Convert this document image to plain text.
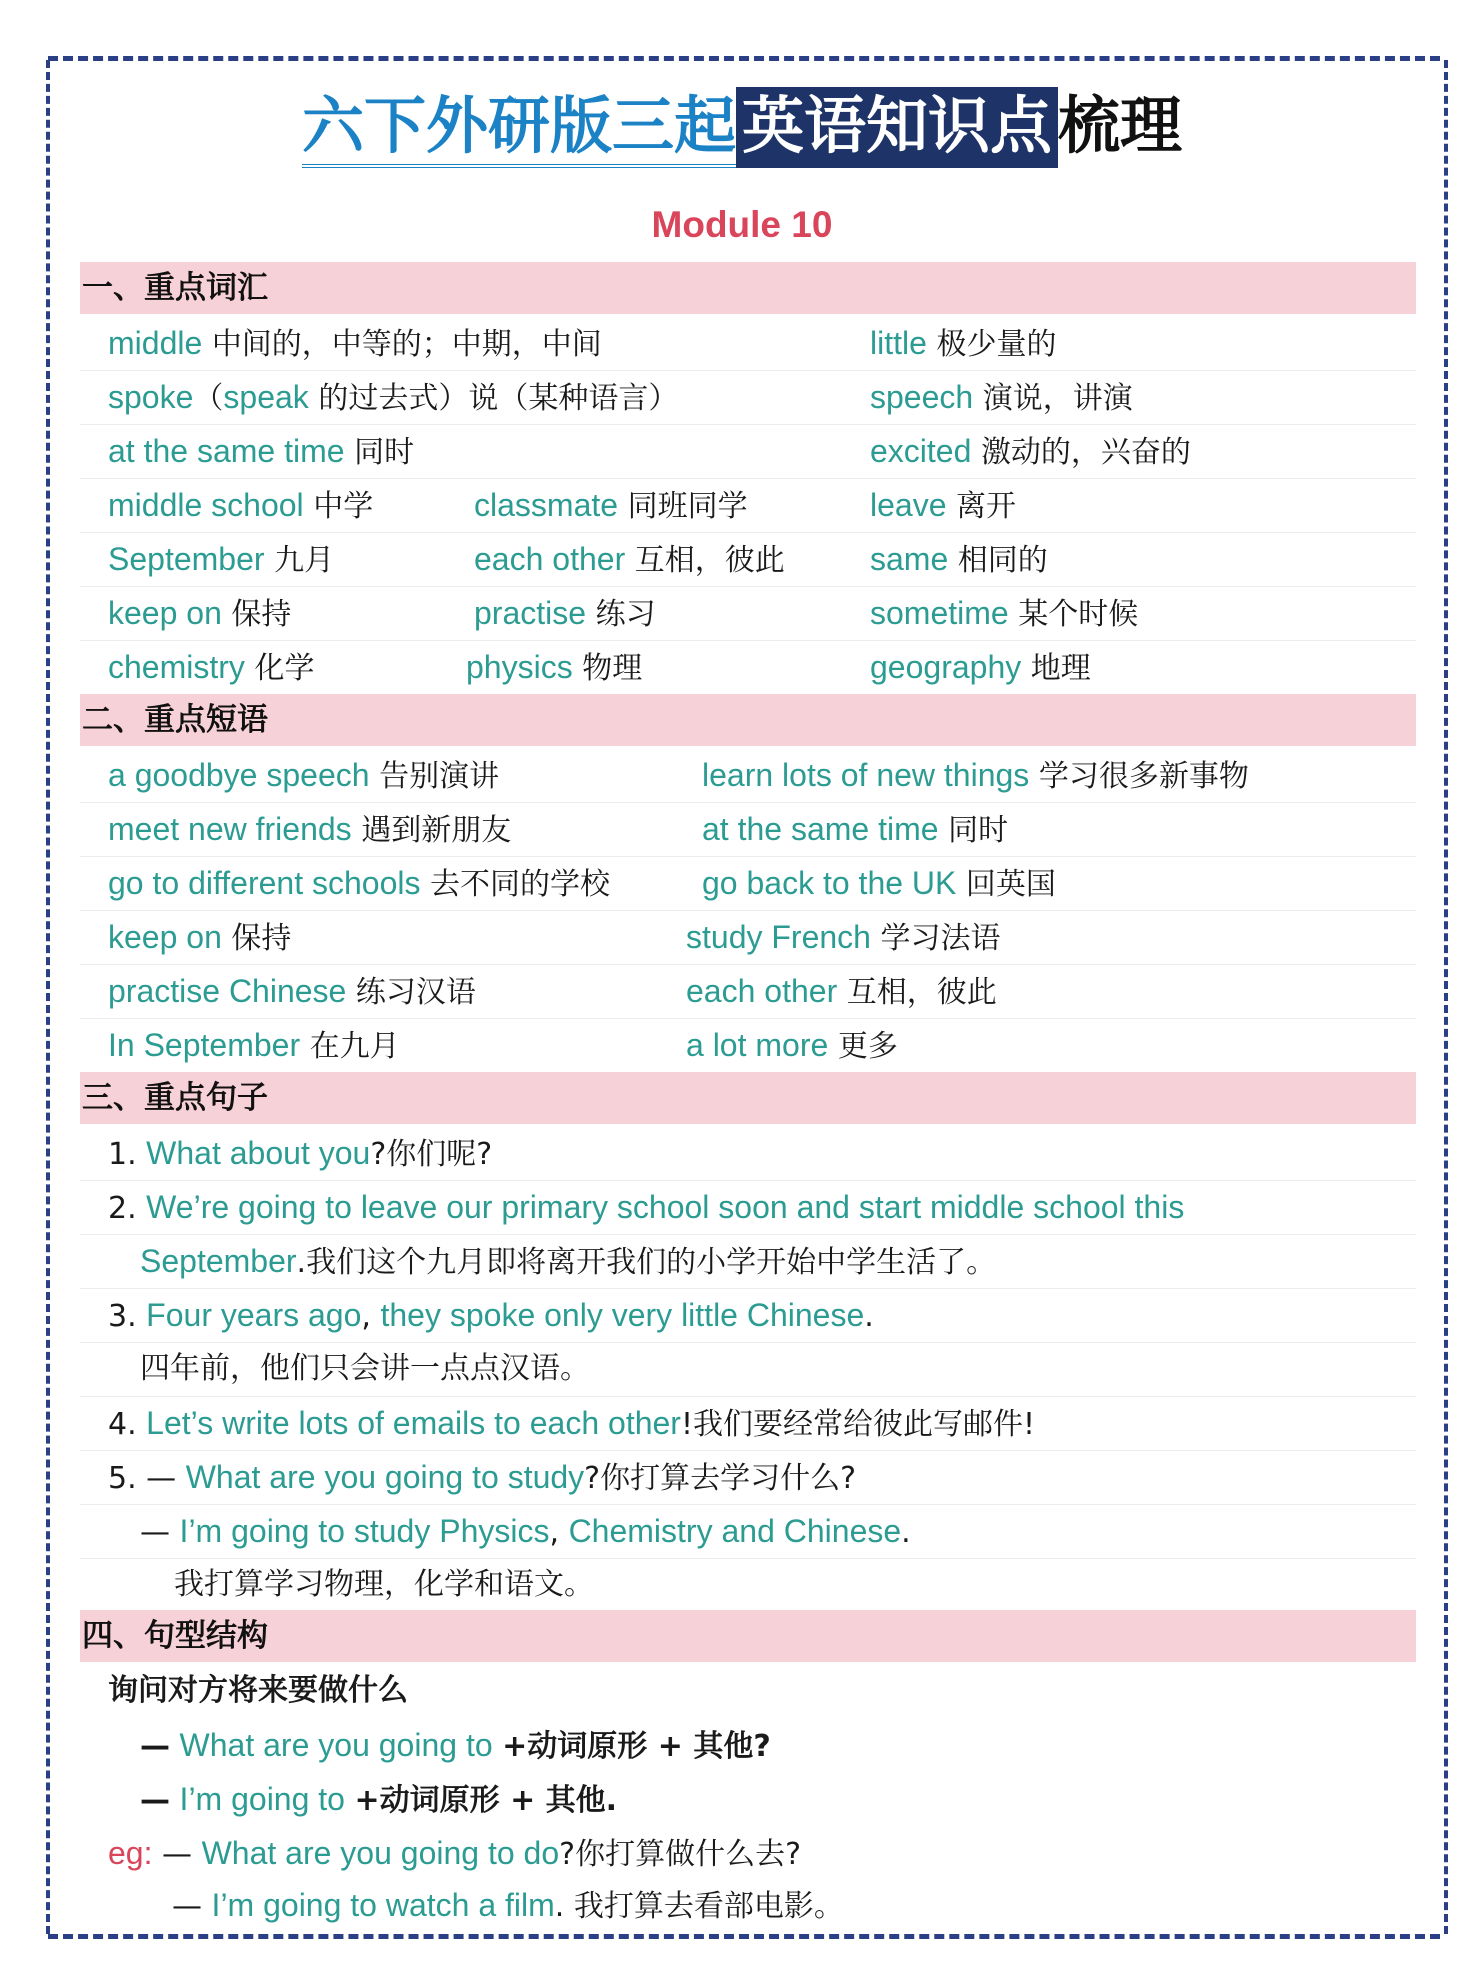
六下外研版三起英语知识点梳理
Module 10
一、重点词汇
middle 中间的，中等的；中期，中间	little 极少量的
spoke（speak 的过去式）说（某种语言）	speech 演说，讲演
at the same time 同时	excited 激动的，兴奋的
middle school 中学	classmate 同班同学	leave 离开
September 九月	each other 互相，彼此	same 相同的
keep on 保持	practise 练习	sometime 某个时候
chemistry 化学	physics 物理	geography 地理
二、重点短语
a goodbye speech 告别演讲	learn lots of new things 学习很多新事物
meet new friends 遇到新朋友	at the same time 同时
go to different schools 去不同的学校	go back to the UK 回英国
keep on 保持	study French 学习法语
practise Chinese 练习汉语	each other 互相，彼此
In September 在九月	a lot more 更多
三、重点句子
1. What about you?你们呢?
2. We’re going to leave our primary school soon and start middle school this
September.我们这个九月即将离开我们的小学开始中学生活了。
3. Four years ago, they spoke only very little Chinese.
四年前，他们只会讲一点点汉语。
4. Let’s write lots of emails to each other!我们要经常给彼此写邮件!
5. — What are you going to study?你打算去学习什么?
— I’m going to study Physics, Chemistry and Chinese.
我打算学习物理，化学和语文。
四、句型结构
询问对方将来要做什么
— What are you going to +动词原形 + 其他?
— I’m going to +动词原形 + 其他.
eg: — What are you going to do?你打算做什么去?
— I’m going to watch a film. 我打算去看部电影。
